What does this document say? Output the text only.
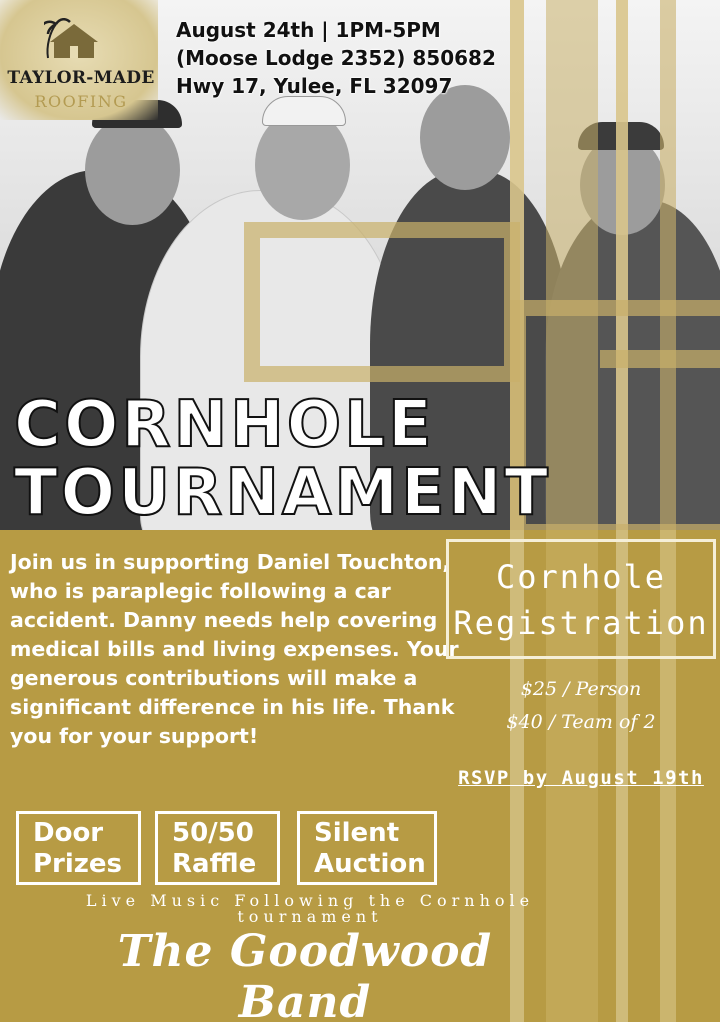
TAYLOR-MADE
ROOFING
August 24th | 1PM-5PM
(Moose Lodge 2352) 850682
Hwy 17, Yulee, FL 32097
CORNHOLE
TOURNAMENT
Join us in supporting Daniel Touchton, who is paraplegic following a car accident. Danny needs help covering medical bills and living expenses. Your generous contributions will make a significant difference in his life. Thank you for your support!
Cornhole
Registration
$25 / Person
$40 / Team of 2
RSVP by August 19th
Door
Prizes
50/50
Raffle
Silent
Auction
Live Music Following the Cornhole
tournament
The Goodwood Band
